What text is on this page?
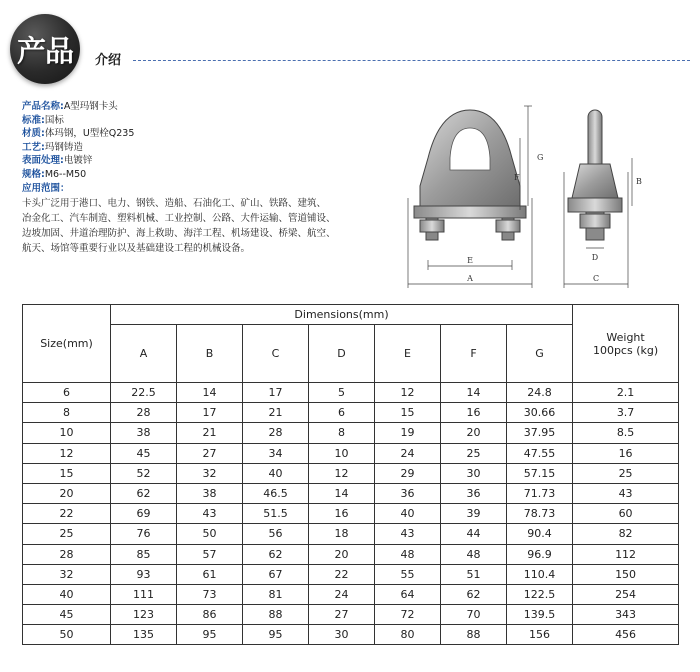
产品	介绍
产品名称:A型玛钢卡头
标准:国标
材质:体玛钢，U型栓Q235
工艺:玛钢铸造
表面处理:电镀锌
规格:M6--M50
应用范围：
卡头广泛用于港口、电力、钢铁、造船、石油化工、矿山、铁路、建筑、
冶金化工、汽车制造、塑料机械、工业控制、公路、大件运输、管道铺设、
边坡加固、井道治理防护、海上救助、海洋工程、机场建设、桥梁、航空、
航天、场馆等重要行业以及基础建设工程的机械设备。
E
A
G
F
D
C
B
Size(mm)	Dimensions(mm)							Weight
100pcs (kg)

	A	B	C	D	E	F	G	
6	22.5	14	17	5	12	14	24.8	2.1
8	28	17	21	6	15	16	30.66	3.7
10	38	21	28	8	19	20	37.95	8.5
12	45	27	34	10	24	25	47.55	16
15	52	32	40	12	29	30	57.15	25
20	62	38	46.5	14	36	36	71.73	43
22	69	43	51.5	16	40	39	78.73	60
25	76	50	56	18	43	44	90.4	82
28	85	57	62	20	48	48	96.9	112
32	93	61	67	22	55	51	110.4	150
40	111	73	81	24	64	62	122.5	254
45	123	86	88	27	72	70	139.5	343
50	135	95	95	30	80	88	156	456
